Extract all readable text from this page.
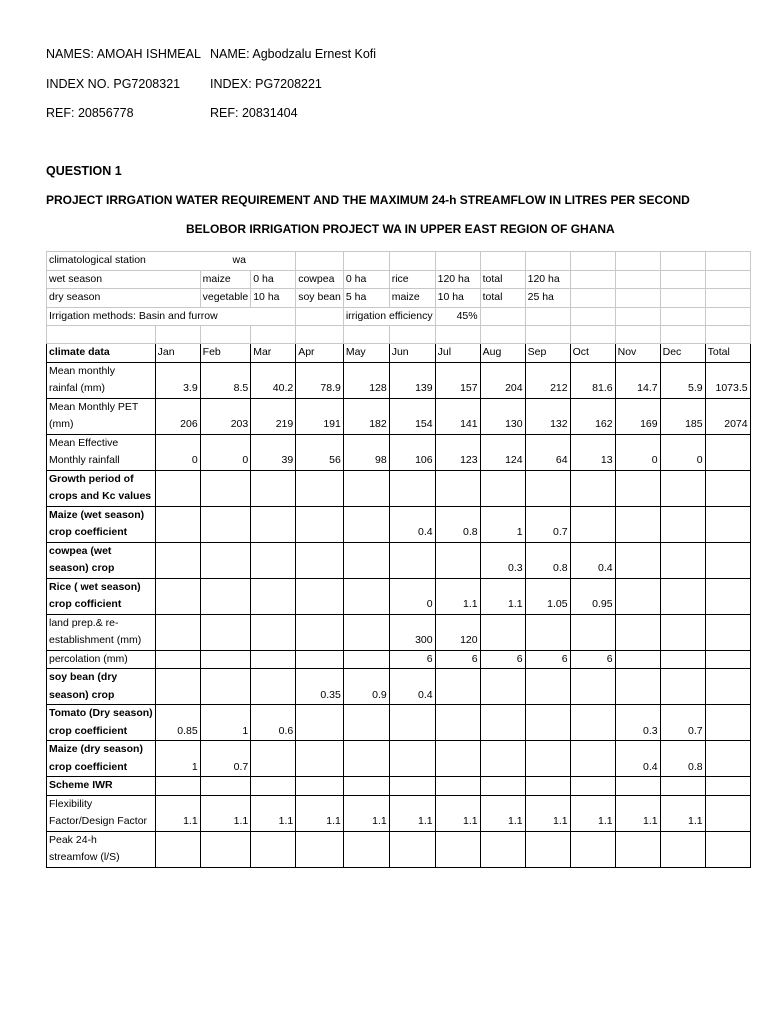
NAMES: AMOAH ISHMEAL NAME: Agbodzalu Ernest Kofi
INDEX NO. PG7208321 INDEX: PG7208221
REF: 20856778	REF: 20831404
QUESTION 1
PROJECT IRRGATION WATER REQUIREMENT AND THE MAXIMUM 24-h STREAMFLOW IN LITRES PER SECOND
BELOBOR IRRIGATION PROJECT WA IN UPPER EAST REGION OF GHANA
climatological station wa													

wet season		maize	0 ha	cowpea	0 ha	rice	120 ha	total	120 ha				
dry season		vegetable	10 ha	soy bean	5 ha	maize	10 ha	total	25 ha				
Irrigation methods: Basin and furrow					irrigation efficiency		45%						

climate data	Jan	Feb	Mar	Apr	May	Jun	Jul	Aug	Sep	Oct	Nov	Dec	Total
Mean monthly	3.9	8.5	40.2	78.9	128	139	157	204	212	81.6	14.7	5.9	1073.5
rainfal (mm)													
Mean Monthly PET	206	203	219	191	182	154	141	130	132	162	169	185	2074
(mm)													
Mean Effective	0	0	39	56	98	106	123	124	64	13	0	0	
Monthly rainfall													
Growth period of													
crops and Kc values													
Maize (wet season)						0.4	0.8	1	0.7				
crop coefficient													
cowpea (wet								0.3	0.8	0.4			
season) crop													
Rice ( wet season)						0	1.1	1.1	1.05	0.95			
crop cofficient													
land prep.& re-						300	120						
establishment (mm)													
percolation (mm)						6	6	6	6	6			
soy bean (dry				0.35	0.9	0.4							
season) crop													
Tomato (Dry season)	0.85	1	0.6								0.3	0.7	
crop coefficient													
Maize (dry season)	1	0.7									0.4	0.8	
crop coefficient													
Scheme IWR													
Flexibility	1.1	1.1	1.1	1.1	1.1	1.1	1.1	1.1	1.1	1.1	1.1	1.1	
Factor/Design Factor													
Peak 24-h													
streamfow (l/S)													
